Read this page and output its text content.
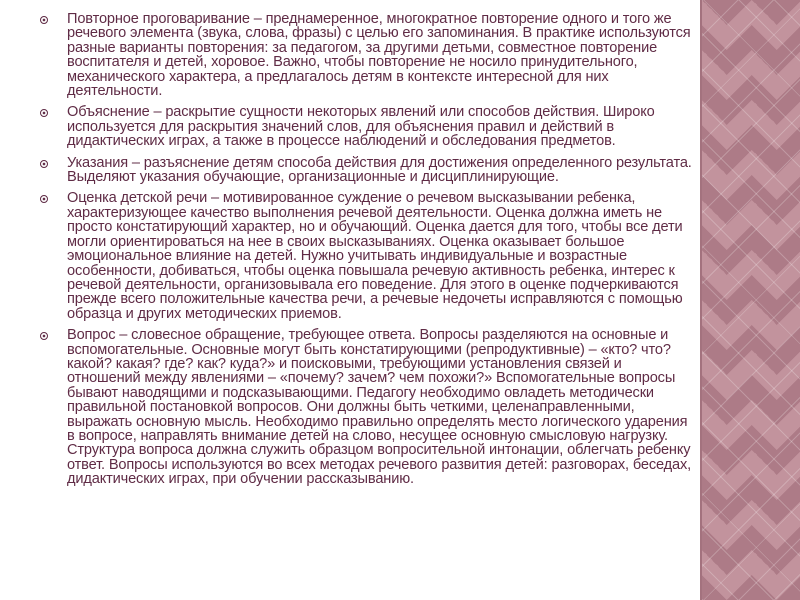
Повторное проговаривание – преднамеренное, многократное повторение одного и того же речевого элемента (звука, слова, фразы) с целью его запоминания. В практике используются разные варианты повторения: за педагогом, за другими детьми, совместное повторение воспитателя и детей, хоровое. Важно, чтобы повторение не носило принудительного, механического характера, а предлагалось детям в контексте интересной для них деятельности.

Объяснение – раскрытие сущности некоторых явлений или способов действия. Широко используется для раскрытия значений слов, для объяснения правил и действий в дидактических играх, а также в процессе наблюдений и обследования предметов.

Указания – разъяснение детям способа действия для достижения определенного результата. Выделяют указания обучающие, организационные и дисциплинирующие.

Оценка детской речи – мотивированное суждение о речевом высказывании ребенка, характеризующее качество выполнения речевой деятельности. Оценка должна иметь не просто констатирующий характер, но и обучающий. Оценка дается для того, чтобы все дети могли ориентироваться на нее в своих высказываниях. Оценка оказывает большое эмоциональное влияние на детей. Нужно учитывать индивидуальные и возрастные особенности, добиваться, чтобы оценка повышала речевую активность ребенка, интерес к речевой деятельности, организовывала его поведение. Для этого в оценке подчеркиваются прежде всего положительные качества речи, а речевые недочеты исправляются с помощью образца и других методических приемов.

Вопрос – словесное обращение, требующее ответа. Вопросы разделяются на основные и вспомогательные. Основные могут быть констатирующими (репродуктивные) – «кто? что? какой? какая? где? как? куда?» и поисковыми, требующими установления связей и отношений между явлениями – «почему? зачем? чем похожи?» Вспомогательные вопросы бывают наводящими и подсказывающими. Педагогу необходимо овладеть методически правильной постановкой вопросов. Они должны быть четкими, целенаправленными, выражать основную мысль. Необходимо правильно определять место логического ударения в вопросе, направлять внимание детей на слово, несущее основную смысловую нагрузку. Структура вопроса должна служить образцом вопросительной интонации, облегчать ребенку ответ. Вопросы используются во всех методах речевого развития детей: разговорах, беседах, дидактических играх, при обучении рассказыванию.
